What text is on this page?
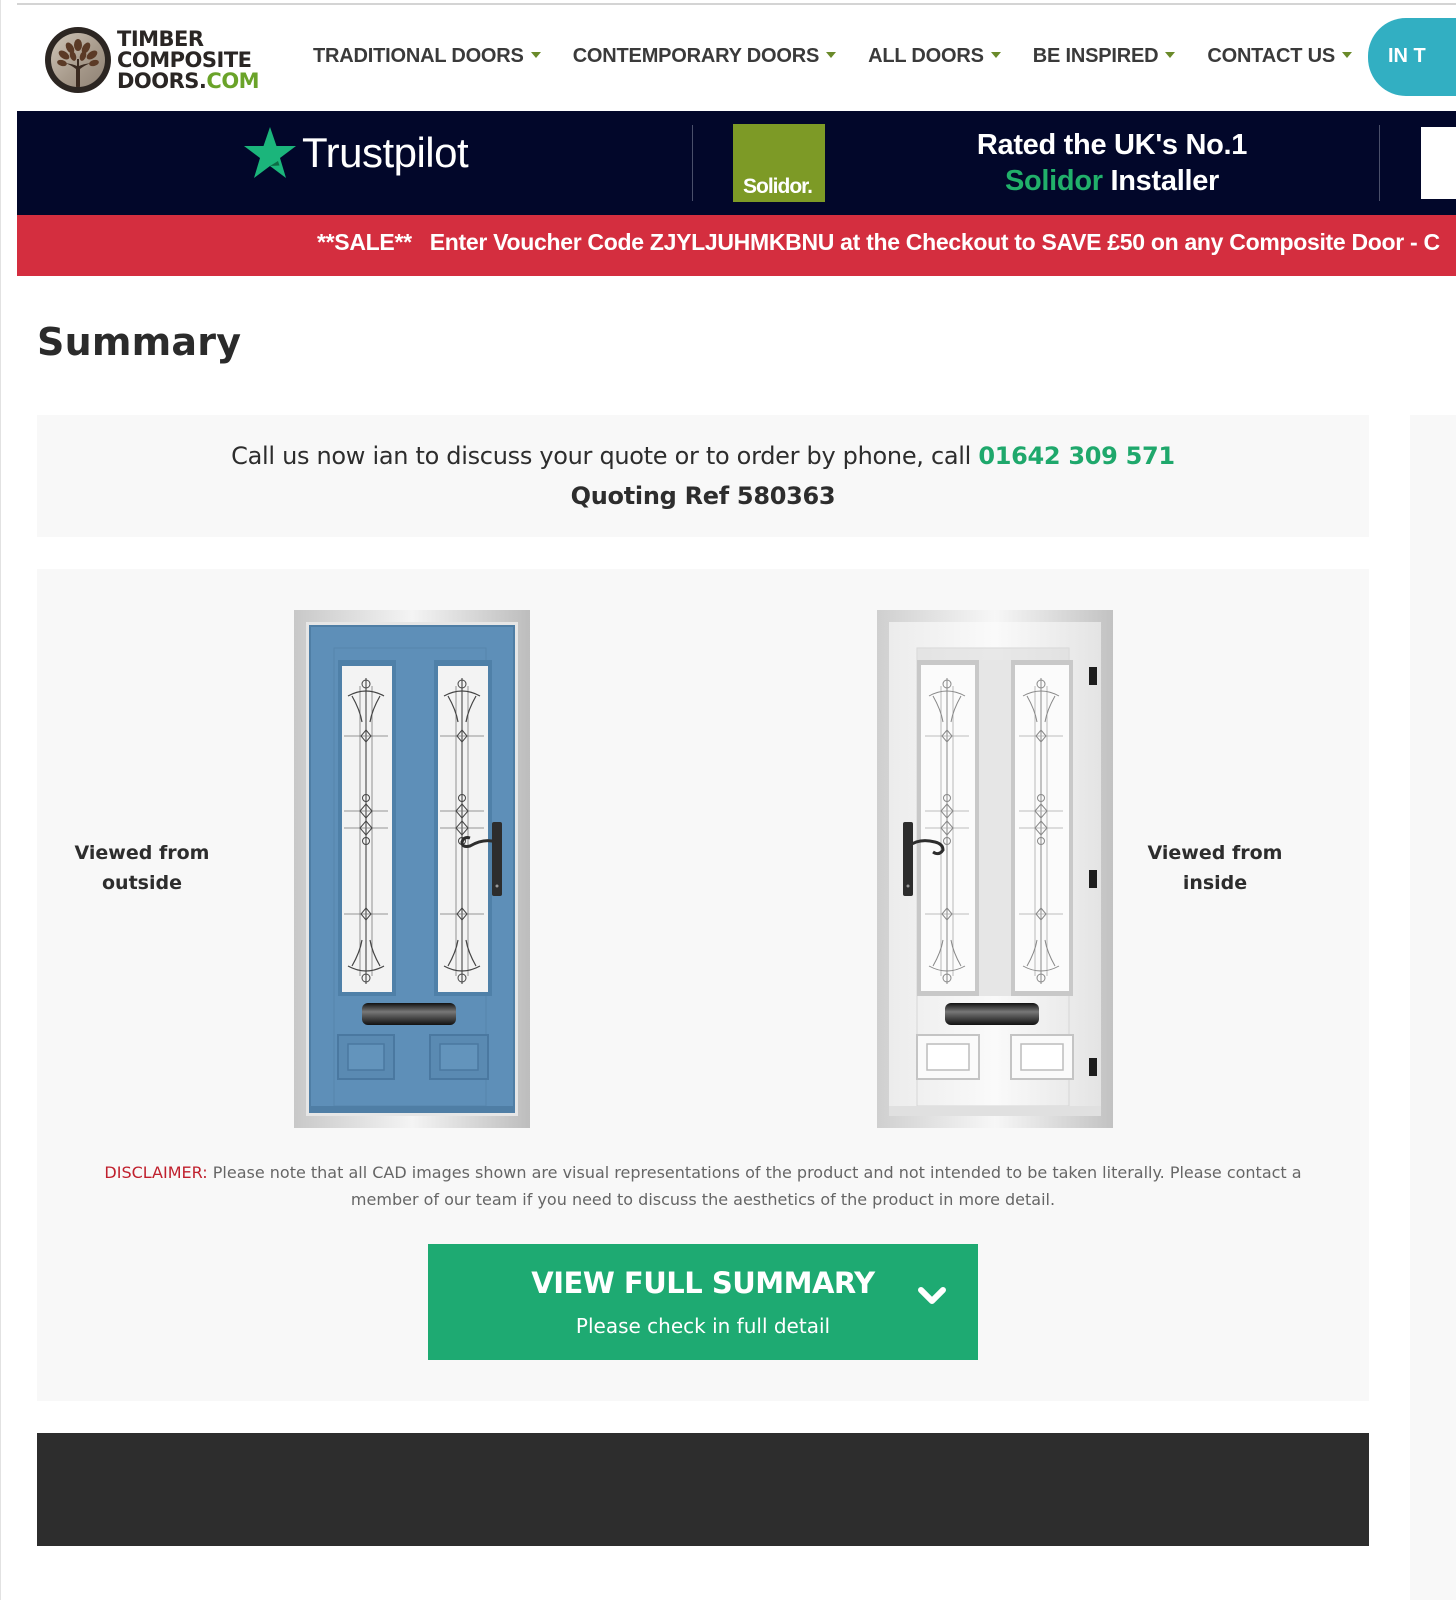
TIMBER
COMPOSITE
DOORS.COM
TRADITIONAL DOORS CONTEMPORARY DOORS ALL DOORS BE INSPIRED CONTACT US	IN T
Trustpilot
Solidor.
Rated the UK's No.1
Solidor Installer
**SALE** Enter Voucher Code ZJYLJUHMKBNU at the Checkout to SAVE £50 on any Composite Door - C
Summary
Call us now ian to discuss your quote or to order by phone, call 01642 309 571
Quoting Ref 580363
Viewed from outside
Viewed from inside
DISCLAIMER: Please note that all CAD images shown are visual representations of the product and not intended to be taken literally. Please contact a member of our team if you need to discuss the aesthetics of the product in more detail.
VIEW FULL SUMMARY
Please check in full detail
